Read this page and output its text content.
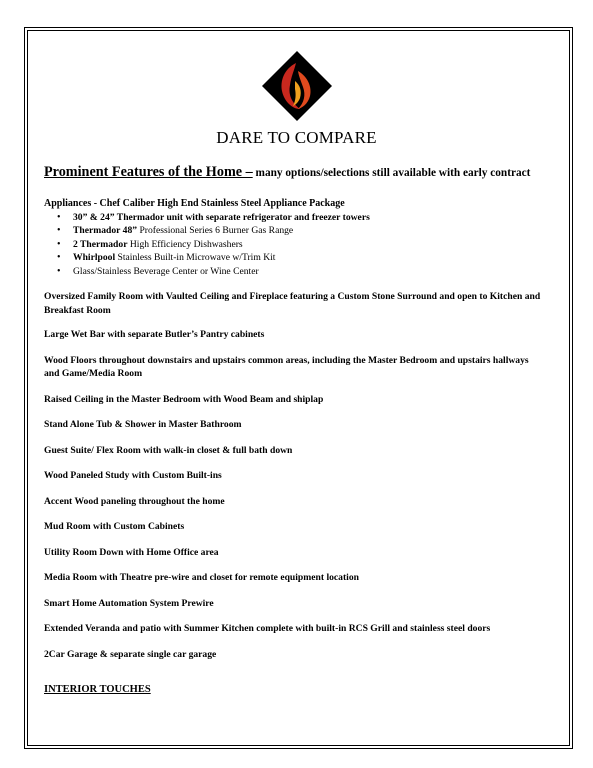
DARE TO COMPARE
Prominent Features of the Home – many options/selections still available with early contract
Appliances - Chef Caliber High End Stainless Steel Appliance Package
• 30” & 24” Thermador unit with separate refrigerator and freezer towers
• Thermador 48” Professional Series 6 Burner Gas Range
• 2 Thermador High Efficiency Dishwashers
• Whirlpool Stainless Built-in Microwave w/Trim Kit
• Glass/Stainless Beverage Center or Wine Center
Oversized Family Room with Vaulted Ceiling and Fireplace featuring a Custom Stone Surround and open to Kitchen and Breakfast Room
Large Wet Bar with separate Butler’s Pantry cabinets
Wood Floors throughout downstairs and upstairs common areas, including the Master Bedroom and upstairs hallways and Game/Media Room
Raised Ceiling in the Master Bedroom with Wood Beam and shiplap
Stand Alone Tub & Shower in Master Bathroom
Guest Suite/ Flex Room with walk-in closet & full bath down
Wood Paneled Study with Custom Built-ins
Accent Wood paneling throughout the home
Mud Room with Custom Cabinets
Utility Room Down with Home Office area
Media Room with Theatre pre-wire and closet for remote equipment location
Smart Home Automation System Prewire
Extended Veranda and patio with Summer Kitchen complete with built-in RCS Grill and stainless steel doors
2Car Garage & separate single car garage
INTERIOR TOUCHES
